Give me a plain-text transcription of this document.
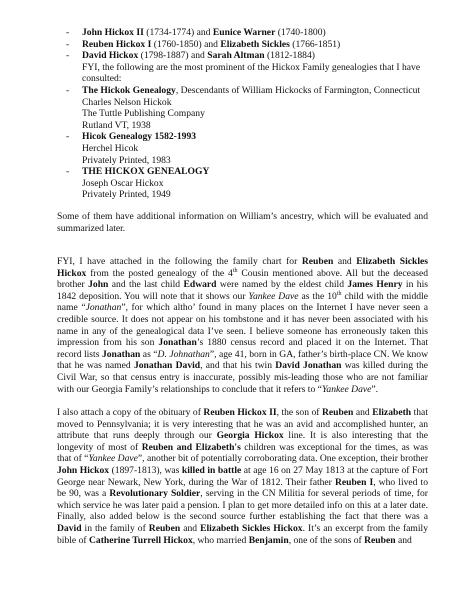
- John Hickox II (1734-1774) and Eunice Warner (1740-1800)
- Reuben Hickox I (1760-1850) and Elizabeth Sickles (1766-1851)
- David Hickox (1798-1887) and Sarah Altman (1812-1884)
FYI, the following are the most prominent of the Hickox Family genealogies that I have consulted:
- The Hickok Genealogy, Descendants of William Hickocks of Farmington, Connecticut
Charles Nelson Hickok
The Tuttle Publishing Company
Rutland VT, 1938
- Hicok Genealogy 1582-1993
Herchel Hicok
Privately Printed, 1983
- THE HICKOX GENEALOGY
Joseph Oscar Hickox
Privately Printed, 1949

Some of them have additional information on William’s ancestry, which will be evaluated and summarized later.

FYI, I have attached in the following the family chart for Reuben and Elizabeth Sickles Hickox from the posted genealogy of the 4th Cousin mentioned above. All but the deceased brother John and the last child Edward were named by the eldest child James Henry in his 1842 deposition. You will note that it shows our Yankee Dave as the 10th child with the middle name “Jonathan”, for which altho’ found in many places on the Internet I have never seen a credible source. It does not appear on his tombstone and it has never been associated with his name in any of the genealogical data I’ve seen. I believe someone has erroneously taken this impression from his son Jonathan’s 1880 census record and placed it on the Internet. That record lists Jonathan as “D. Johnathan”, age 41, born in GA, father’s birth-place CN. We know that he was named Jonathan David, and that his twin David Jonathan was killed during the Civil War, so that census entry is inaccurate, possibly mis-leading those who are not familiar with our Georgia Family’s relationships to conclude that it refers to “Yankee Dave”.

I also attach a copy of the obituary of Reuben Hickox II, the son of Reuben and Elizabeth that moved to Pennsylvania; it is very interesting that he was an avid and accomplished hunter, an attribute that runs deeply through our Georgia Hickox line. It is also interesting that the longevity of most of Reuben and Elizabeth's children was exceptional for the times, as was that of “Yankee Dave”, another bit of potentially corroborating data. One exception, their brother John Hickox (1897-1813), was killed in battle at age 16 on 27 May 1813 at the capture of Fort George near Newark, New York, during the War of 1812. Their father Reuben I, who lived to be 90, was a Revolutionary Soldier, serving in the CN Militia for several periods of time, for which service he was later paid a pension. I plan to get more detailed info on this at a later date. Finally, also added below is the second source further establishing the fact that there was a David in the family of Reuben and Elizabeth Sickles Hickox. It’s an excerpt from the family bible of Catherine Turrell Hickox, who married Benjamin, one of the sons of Reuben and
